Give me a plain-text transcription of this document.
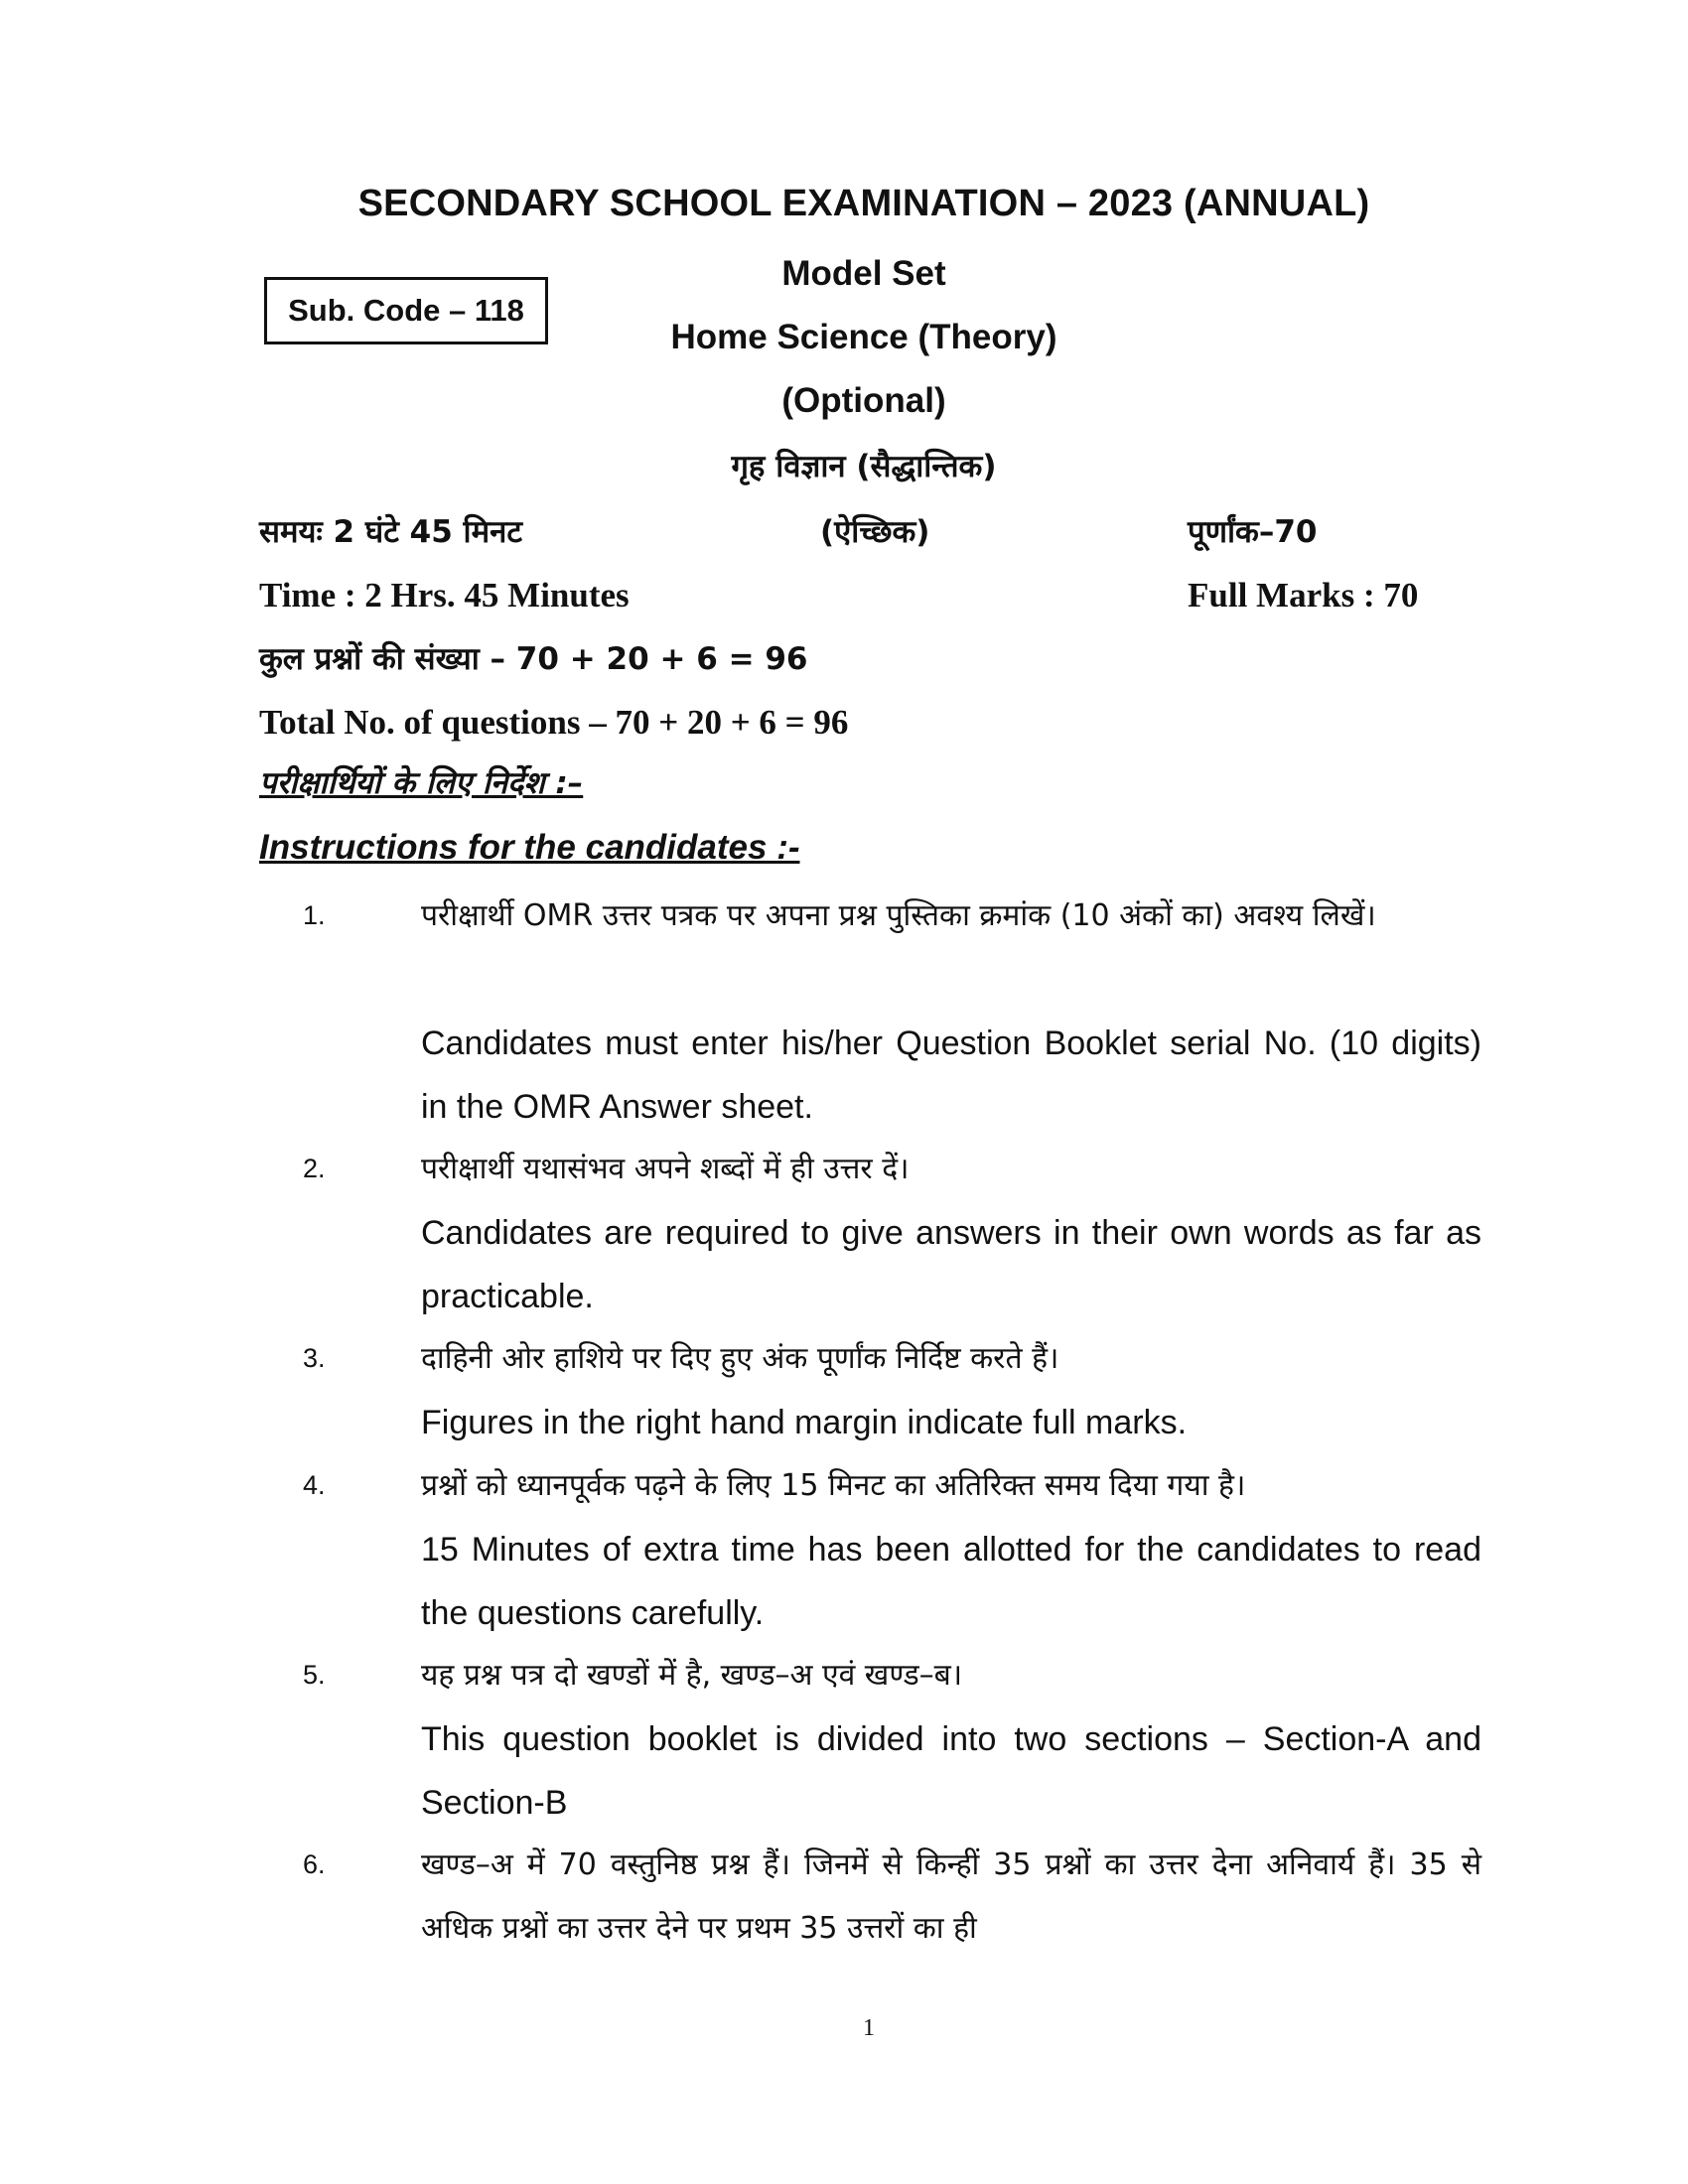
SECONDARY SCHOOL EXAMINATION – 2023 (ANNUAL)
Model Set
Sub. Code – 118
Home Science (Theory)
(Optional)
गृह विज्ञान (सैद्धान्तिक)
समयः 2 घंटे 45 मिनट	(ऐच्छिक)	पूर्णांक–70
Time : 2 Hrs. 45 Minutes	Full Marks : 70
कुल प्रश्नों की संख्या – 70 + 20 + 6 = 96
Total No. of questions – 70 + 20 + 6 = 96
परीक्षार्थियों के लिए निर्देश :–
Instructions for the candidates :-
1.	परीक्षार्थी OMR उत्तर पत्रक पर अपना प्रश्न पुस्तिका क्रमांक (10 अंकों का) अवश्य लिखें।
Candidates must enter his/her Question Booklet serial No. (10 digits) in the OMR Answer sheet.
2.	परीक्षार्थी यथासंभव अपने शब्दों में ही उत्तर दें।
Candidates are required to give answers in their own words as far as practicable.
3.	दाहिनी ओर हाशिये पर दिए हुए अंक पूर्णांक निर्दिष्ट करते हैं।
Figures in the right hand margin indicate full marks.
4.	प्रश्नों को ध्यानपूर्वक पढ़ने के लिए 15 मिनट का अतिरिक्त समय दिया गया है।
15 Minutes of extra time has been allotted for the candidates to read the questions carefully.
5.	यह प्रश्न पत्र दो खण्डों में है, खण्ड–अ एवं खण्ड–ब।
This question booklet is divided into two sections – Section-A and Section-B
6.	खण्ड–अ में 70 वस्तुनिष्ठ प्रश्न हैं। जिनमें से किन्हीं 35 प्रश्नों का उत्तर देना अनिवार्य हैं। 35 से अधिक प्रश्नों का उत्तर देने पर प्रथम 35 उत्तरों का ही
1
